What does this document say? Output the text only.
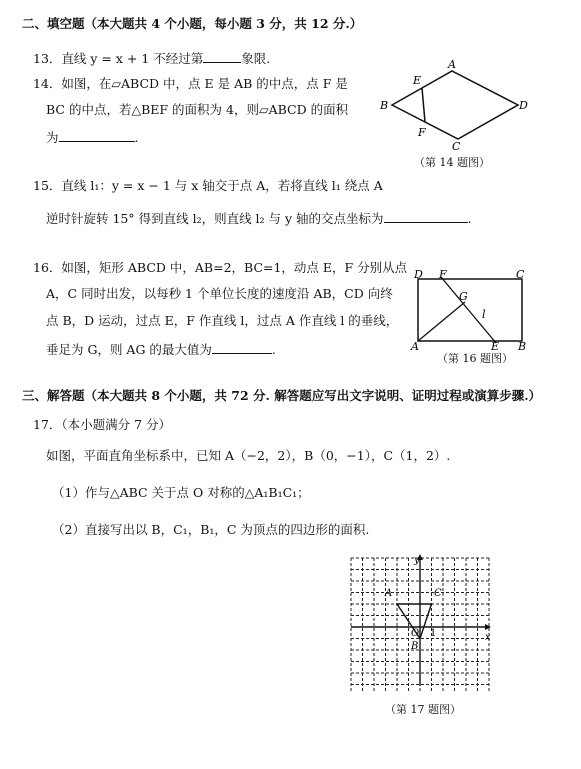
二、填空题（本大题共 4 个小题，每小题 3 分，共 12 分.）
13．直线 y = x + 1 不经过第	象限.
14．如图，在▱ABCD 中，点 E 是 AB 的中点，点 F 是
BC 的中点，若△BEF 的面积为 4，则▱ABCD 的面积
为	.
A
B
C
D
E
F
（第 14 题图）
15．直线 l₁：y = x − 1 与 x 轴交于点 A，若将直线 l₁ 绕点 A
逆时针旋转 15° 得到直线 l₂，则直线 l₂ 与 y 轴的交点坐标为	.
16．如图，矩形 ABCD 中，AB=2，BC=1，动点 E，F 分别从点
A，C 同时出发，以每秒 1 个单位长度的速度沿 AB，CD 向终
点 B，D 运动，过点 E，F 作直线 l，过点 A 作直线 l 的垂线，
垂足为 G，则 AG 的最大值为	.
D F	C
G
l
A	E B
（第 16 题图）
三、解答题（本大题共 8 个小题，共 72 分. 解答题应写出文字说明、证明过程或演算步骤.）
17．（本小题满分 7 分）
如图，平面直角坐标系中，已知 A（−2，2），B（0，−1），C（1，2）.
（1）作与△ABC 关于点 O 对称的△A₁B₁C₁；
（2）直接写出以 B，C₁，B₁，C 为顶点的四边形的面积.
y
x
A	C
O 1
B
（第 17 题图）
